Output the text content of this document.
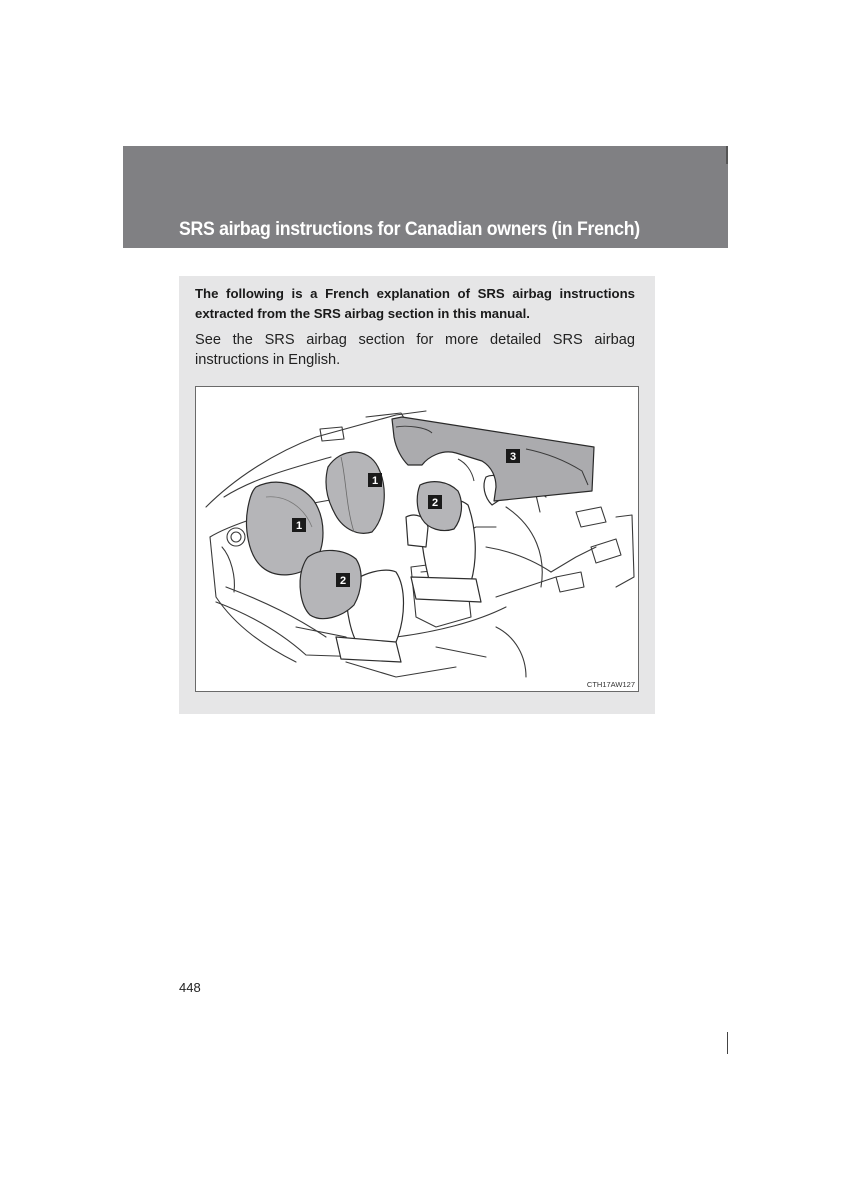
SRS airbag instructions for Canadian owners (in French)

The following is a French explanation of SRS airbag instructions extracted from the SRS airbag section in this manual.

See the SRS airbag section for more detailed SRS airbag instructions in English.

1
1
2
2
3
CTH17AW127
448
